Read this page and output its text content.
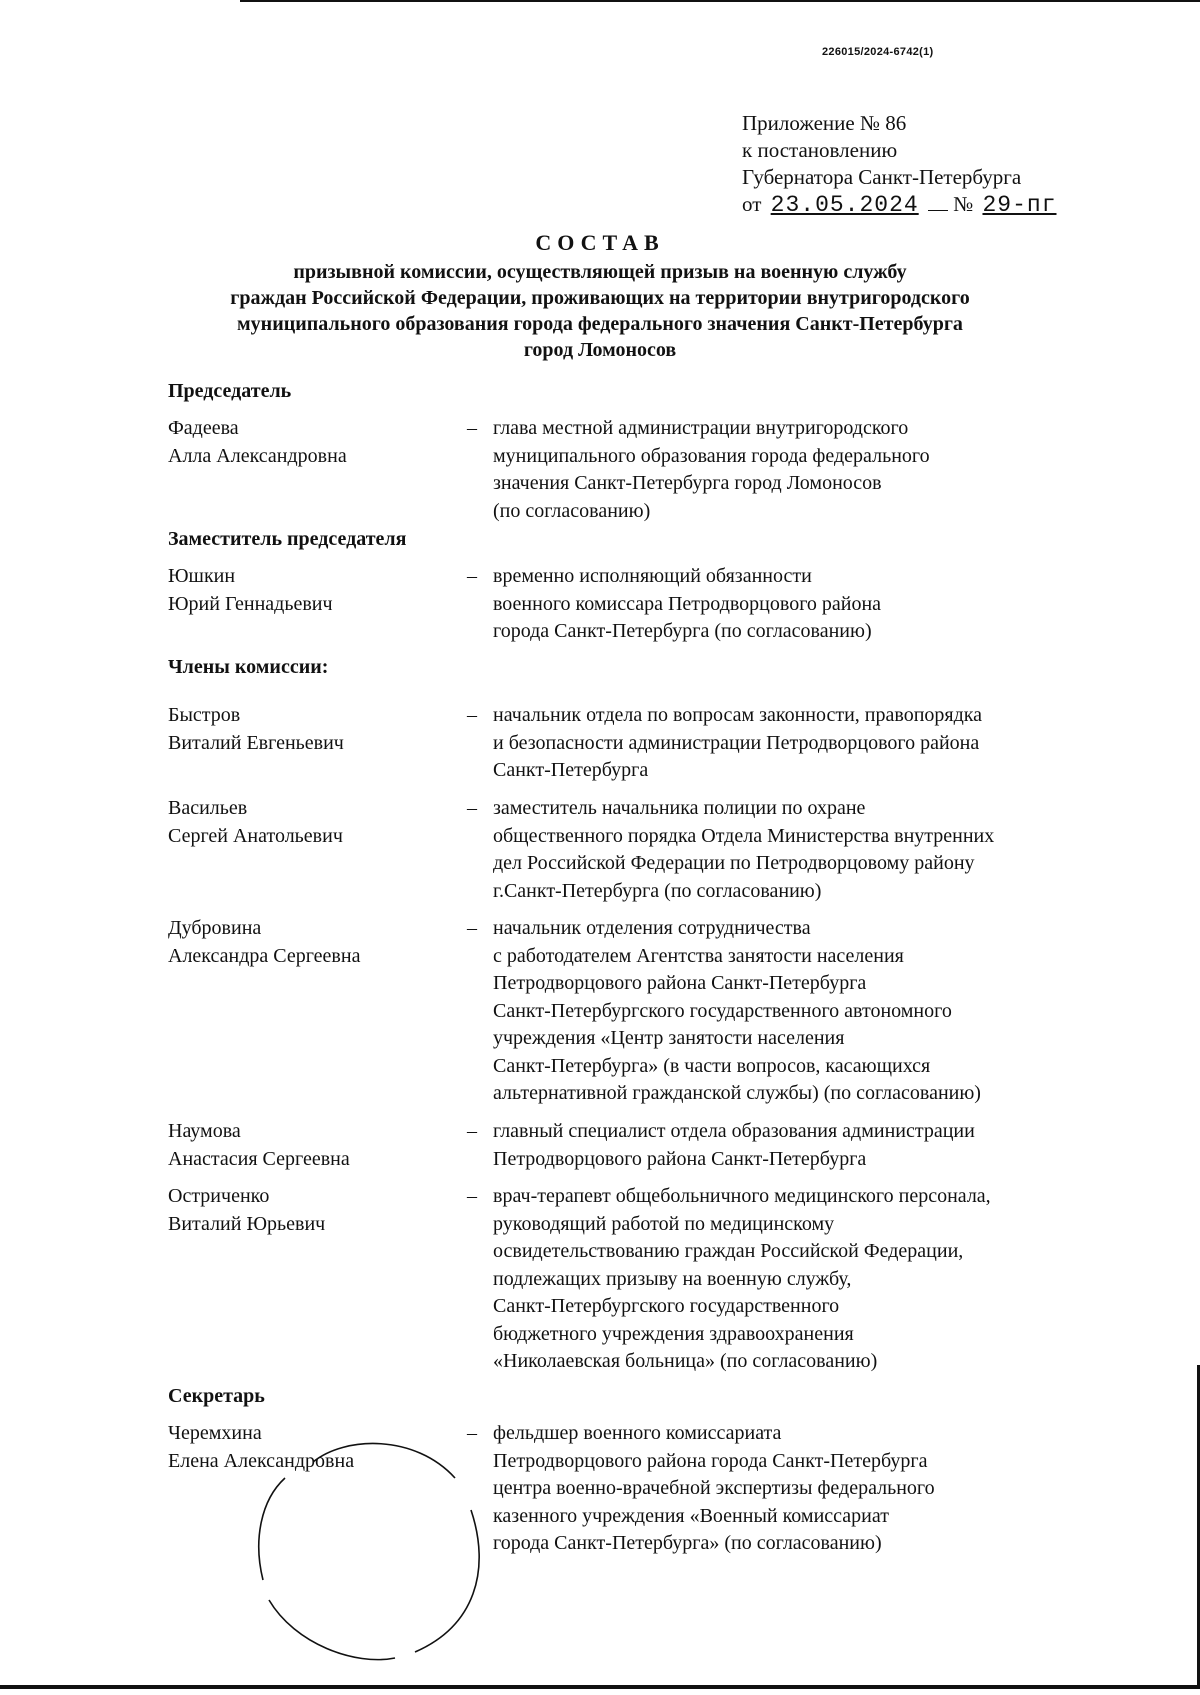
226015/2024-6742(1)
Приложение № 86
к постановлению
Губернатора Санкт-Петербурга
от 23.05.2024 № 29-пг
СОСТАВ
призывной комиссии, осуществляющей призыв на военную службу
граждан Российской Федерации, проживающих на территории внутригородского
муниципального образования города федерального значения Санкт-Петербурга
город Ломоносов
Председатель
Заместитель председателя
Члены комиссии:
Секретарь
Фадеева
Алла Александровна
– глава местной администрации внутригородского
муниципального образования города федерального
значения Санкт-Петербурга город Ломоносов
(по согласованию)
Юшкин
Юрий Геннадьевич
– временно исполняющий обязанности
военного комиссара Петродворцового района
города Санкт-Петербурга (по согласованию)
Быстров
Виталий Евгеньевич
– начальник отдела по вопросам законности, правопорядка
и безопасности администрации Петродворцового района
Санкт-Петербурга
Васильев
Сергей Анатольевич
– заместитель начальника полиции по охране
общественного порядка Отдела Министерства внутренних
дел Российской Федерации по Петродворцовому району
г.Санкт-Петербурга (по согласованию)
Дубровина
Александра Сергеевна
– начальник отделения сотрудничества
с работодателем Агентства занятости населения
Петродворцового района Санкт-Петербурга
Санкт-Петербургского государственного автономного
учреждения «Центр занятости населения
Санкт-Петербурга» (в части вопросов, касающихся
альтернативной гражданской службы) (по согласованию)
Наумова
Анастасия Сергеевна
– главный специалист отдела образования администрации
Петродворцового района Санкт-Петербурга
Остриченко
Виталий Юрьевич
– врач-терапевт общебольничного медицинского персонала,
руководящий работой по медицинскому
освидетельствованию граждан Российской Федерации,
подлежащих призыву на военную службу,
Санкт-Петербургского государственного
бюджетного учреждения здравоохранения
«Николаевская больница» (по согласованию)
Черемхина
Елена Александровна
– фельдшер военного комиссариата
Петродворцового района города Санкт-Петербурга
центра военно-врачебной экспертизы федерального
казенного учреждения «Военный комиссариат
города Санкт-Петербурга» (по согласованию)
